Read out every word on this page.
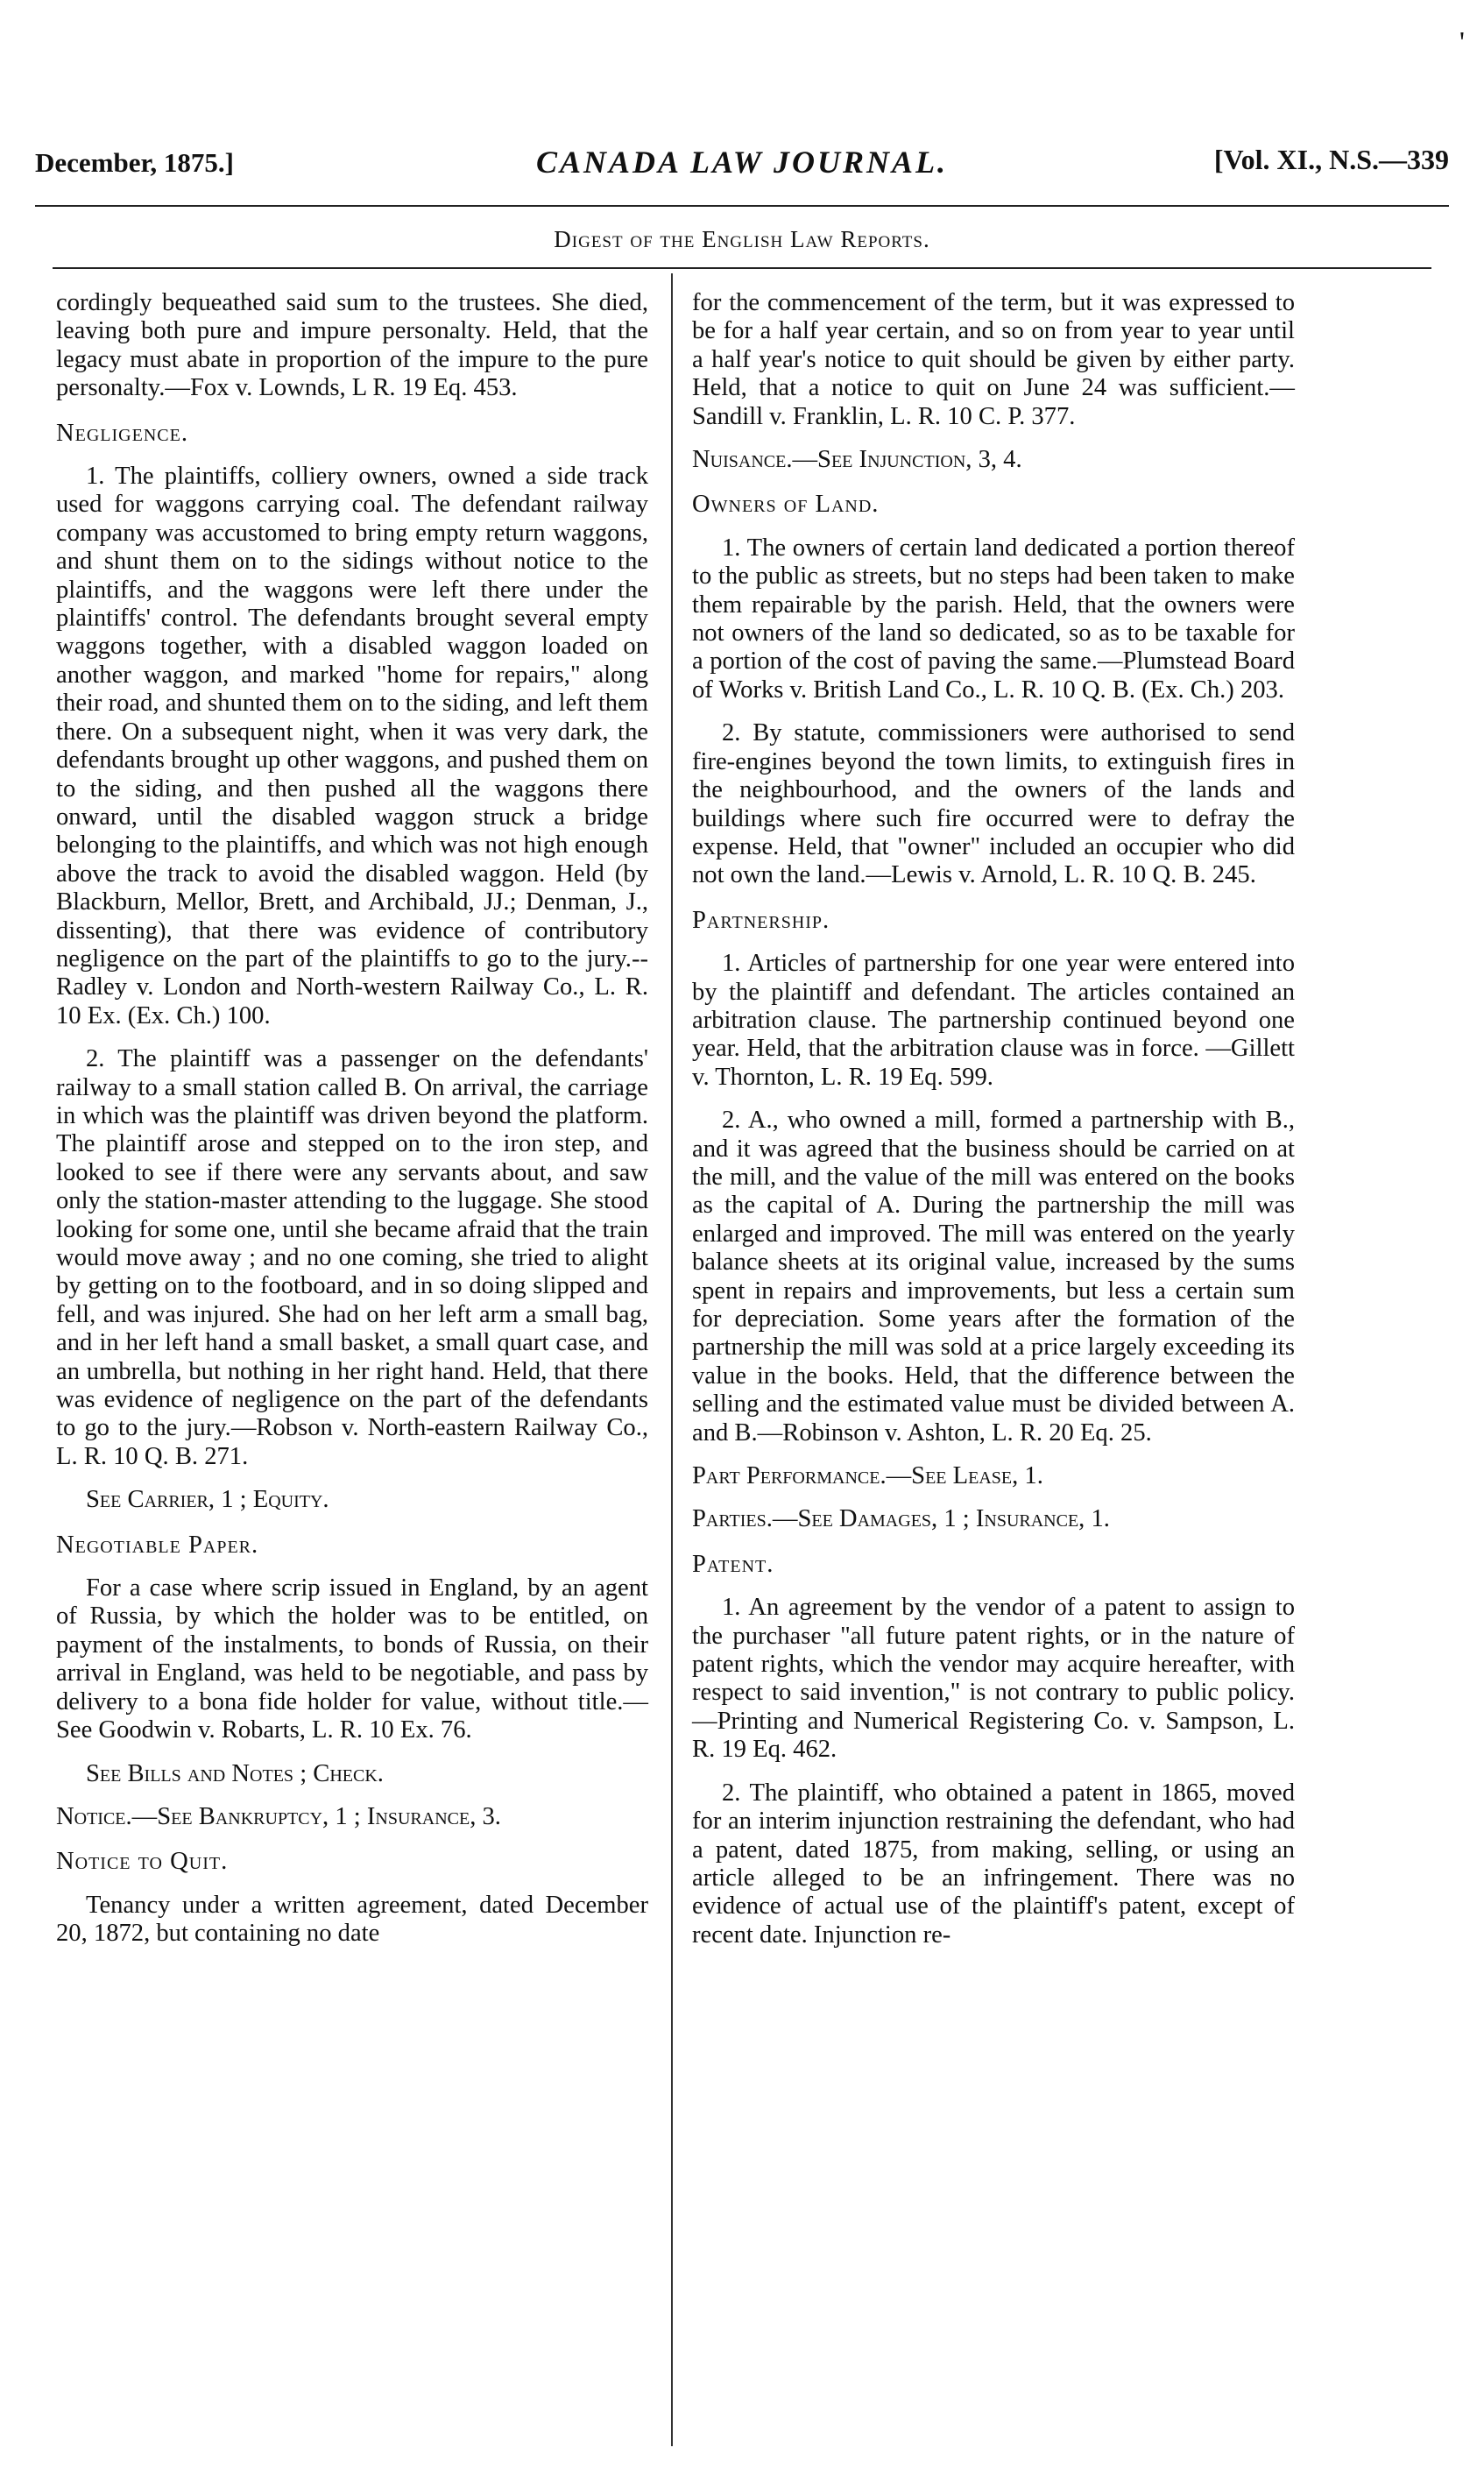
'
December, 1875.]	CANADA LAW JOURNAL.	[Vol. XI., N.S.—339
Digest of the English Law Reports.

cordingly bequeathed said sum to the trustees. She died, leaving both pure and impure personalty. Held, that the legacy must abate in proportion of the impure to the pure personalty.—Fox v. Lownds, L R. 19 Eq. 453.

Negligence.

1. The plaintiffs, colliery owners, owned a side track used for waggons carrying coal. The defendant railway company was accustomed to bring empty return waggons, and shunt them on to the sidings without notice to the plaintiffs, and the waggons were left there under the plaintiffs' control. The defendants brought several empty waggons together, with a disabled waggon loaded on another waggon, and marked "home for repairs," along their road, and shunted them on to the siding, and left them there. On a subsequent night, when it was very dark, the defendants brought up other waggons, and pushed them on to the siding, and then pushed all the waggons there onward, until the disabled waggon struck a bridge belonging to the plaintiffs, and which was not high enough above the track to avoid the disabled waggon. Held (by Blackburn, Mellor, Brett, and Archibald, JJ.; Denman, J., dissenting), that there was evidence of contributory negligence on the part of the plaintiffs to go to the jury.--Radley v. London and North-western Railway Co., L. R. 10 Ex. (Ex. Ch.) 100.

2. The plaintiff was a passenger on the defendants' railway to a small station called B. On arrival, the carriage in which was the plaintiff was driven beyond the platform. The plaintiff arose and stepped on to the iron step, and looked to see if there were any servants about, and saw only the station-master attending to the luggage. She stood looking for some one, until she became afraid that the train would move away ; and no one coming, she tried to alight by getting on to the footboard, and in so doing slipped and fell, and was injured. She had on her left arm a small bag, and in her left hand a small basket, a small quart case, and an umbrella, but nothing in her right hand. Held, that there was evidence of negligence on the part of the defendants to go to the jury.—Robson v. North-eastern Railway Co., L. R. 10 Q. B. 271.

See Carrier, 1 ; Equity.

Negotiable Paper.

For a case where scrip issued in England, by an agent of Russia, by which the holder was to be entitled, on payment of the instalments, to bonds of Russia, on their arrival in England, was held to be negotiable, and pass by delivery to a bona fide holder for value, without title.—See Goodwin v. Robarts, L. R. 10 Ex. 76.

See Bills and Notes ; Check.

Notice.—See Bankruptcy, 1 ; Insurance, 3.

Notice to Quit.

Tenancy under a written agreement, dated December 20, 1872, but containing no date

for the commencement of the term, but it was expressed to be for a half year certain, and so on from year to year until a half year's notice to quit should be given by either party. Held, that a notice to quit on June 24 was sufficient.—Sandill v. Franklin, L. R. 10 C. P. 377.

Nuisance.—See Injunction, 3, 4.

Owners of Land.

1. The owners of certain land dedicated a portion thereof to the public as streets, but no steps had been taken to make them repairable by the parish. Held, that the owners were not owners of the land so dedicated, so as to be taxable for a portion of the cost of paving the same.—Plumstead Board of Works v. British Land Co., L. R. 10 Q. B. (Ex. Ch.) 203.

2. By statute, commissioners were authorised to send fire-engines beyond the town limits, to extinguish fires in the neighbourhood, and the owners of the lands and buildings where such fire occurred were to defray the expense. Held, that "owner" included an occupier who did not own the land.—Lewis v. Arnold, L. R. 10 Q. B. 245.

Partnership.

1. Articles of partnership for one year were entered into by the plaintiff and defendant. The articles contained an arbitration clause. The partnership continued beyond one year. Held, that the arbitration clause was in force. —Gillett v. Thornton, L. R. 19 Eq. 599.

2. A., who owned a mill, formed a partnership with B., and it was agreed that the business should be carried on at the mill, and the value of the mill was entered on the books as the capital of A. During the partnership the mill was enlarged and improved. The mill was entered on the yearly balance sheets at its original value, increased by the sums spent in repairs and improvements, but less a certain sum for depreciation. Some years after the formation of the partnership the mill was sold at a price largely exceeding its value in the books. Held, that the difference between the selling and the estimated value must be divided between A. and B.—Robinson v. Ashton, L. R. 20 Eq. 25.

Part Performance.—See Lease, 1.

Parties.—See Damages, 1 ; Insurance, 1.

Patent.

1. An agreement by the vendor of a patent to assign to the purchaser "all future patent rights, or in the nature of patent rights, which the vendor may acquire hereafter, with respect to said invention," is not contrary to public policy.—Printing and Numerical Registering Co. v. Sampson, L. R. 19 Eq. 462.

2. The plaintiff, who obtained a patent in 1865, moved for an interim injunction restraining the defendant, who had a patent, dated 1875, from making, selling, or using an article alleged to be an infringement. There was no evidence of actual use of the plaintiff's patent, except of recent date. Injunction re-
